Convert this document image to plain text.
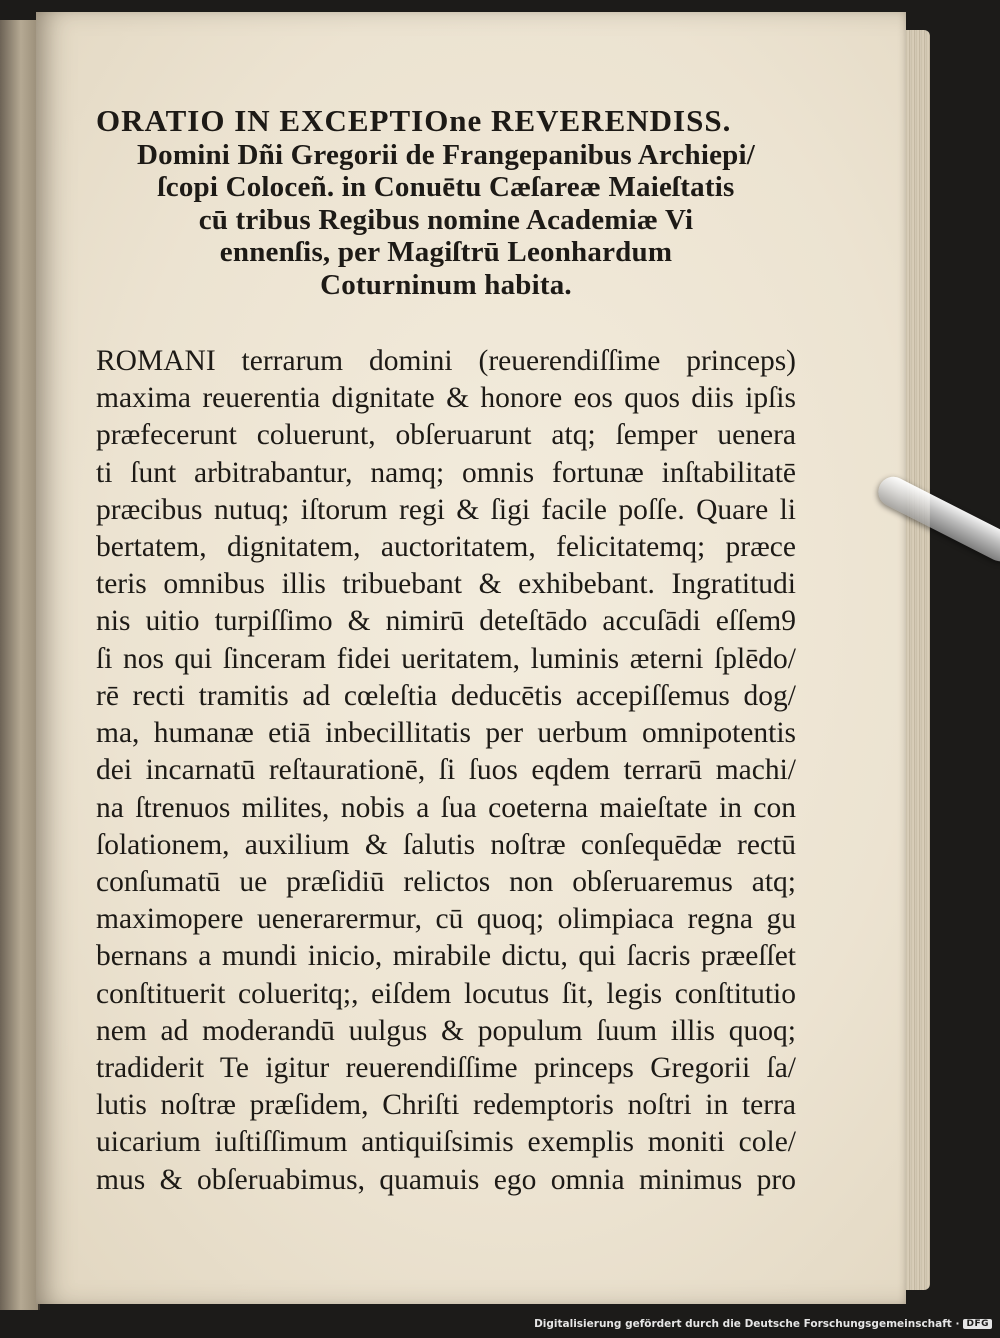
ORATIO IN EXCEPTIOne REVERENDISS.
Domini Dñi Gregorii de Frangepanibus Archiepi/
ſcopi Coloceñ. in Conuētu Cæſareæ Maieſtatis
cū tribus Regibus nomine Academiæ Vi
ennenſis, per Magiſtrū Leonhardum
Coturninum habita.
ROMANI terrarum domini (reuerendiſſime princeps)
maxima reuerentia dignitate & honore eos quos diis ipſis
præfecerunt coluerunt, obſeruarunt atq; ſemper uenera
ti ſunt arbitrabantur, namq; omnis fortunæ inſtabilitatē
præcibus nutuq; iſtorum regi & ſigi facile poſſe. Quare li
bertatem, dignitatem, auctoritatem, felicitatemq; præce
teris omnibus illis tribuebant & exhibebant. Ingratitudi
nis uitio turpiſſimo & nimirū deteſtādo accuſādi eſſem9
ſi nos qui ſinceram fidei ueritatem, luminis æterni ſplēdo/
rē recti tramitis ad cœleſtia deducētis accepiſſemus dog/
ma, humanæ etiā inbecillitatis per uerbum omnipotentis
dei incarnatū reſtaurationē, ſi ſuos eqdem terrarū machi/
na ſtrenuos milites, nobis a ſua coeterna maieſtate in con
ſolationem, auxilium & ſalutis noſtræ conſequēdæ rectū
conſumatū ue præſidiū relictos non obſeruaremus atq;
maximopere uenerarermur, cū quoq; olimpiaca regna gu
bernans a mundi inicio, mirabile dictu, qui ſacris præeſſet
conſtituerit colueritq;, eiſdem locutus ſit, legis conſtitutio
nem ad moderandū uulgus & populum ſuum illis quoq;
tradiderit Te igitur reuerendiſſime princeps Gregorii ſa/
lutis noſtræ præſidem, Chriſti redemptoris noſtri in terra
uicarium iuſtiſſimum antiquiſsimis exemplis moniti cole/
mus & obſeruabimus, quamuis ego omnia minimus pro
Digitalisierung gefördert durch die Deutsche Forschungsgemeinschaft · DFG
